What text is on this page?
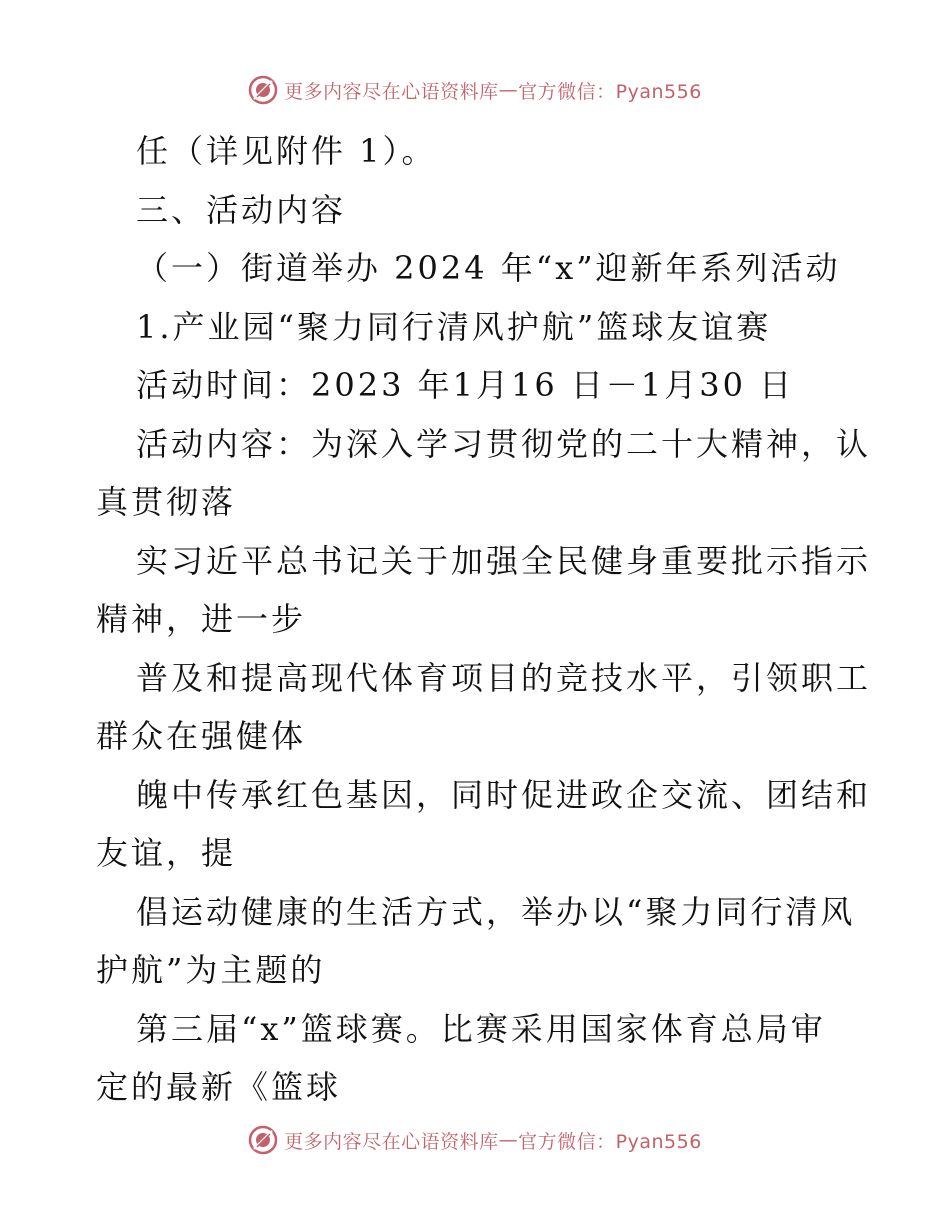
更多内容尽在心语资料库 — 官方微信：Pyan556
任（详见附件 1）。
三、活动内容
（一）街道举办 2024 年“x”迎新年系列活动
1.产业园“聚力同行清风护航”篮球友谊赛
活动时间：2023 年1月16 日－1月30 日
活动内容：为深入学习贯彻党的二十大精神，认
真贯彻落
实习近平总书记关于加强全民健身重要批示指示
精神，进一步
普及和提高现代体育项目的竞技水平，引领职工
群众在强健体
魄中传承红色基因，同时促进政企交流、团结和
友谊，提
倡运动健康的生活方式，举办以“聚力同行清风
护航”为主题的
第三届“x”篮球赛。比赛采用国家体育总局审
定的最新《篮球
更多内容尽在心语资料库 — 官方微信：Pyan556
